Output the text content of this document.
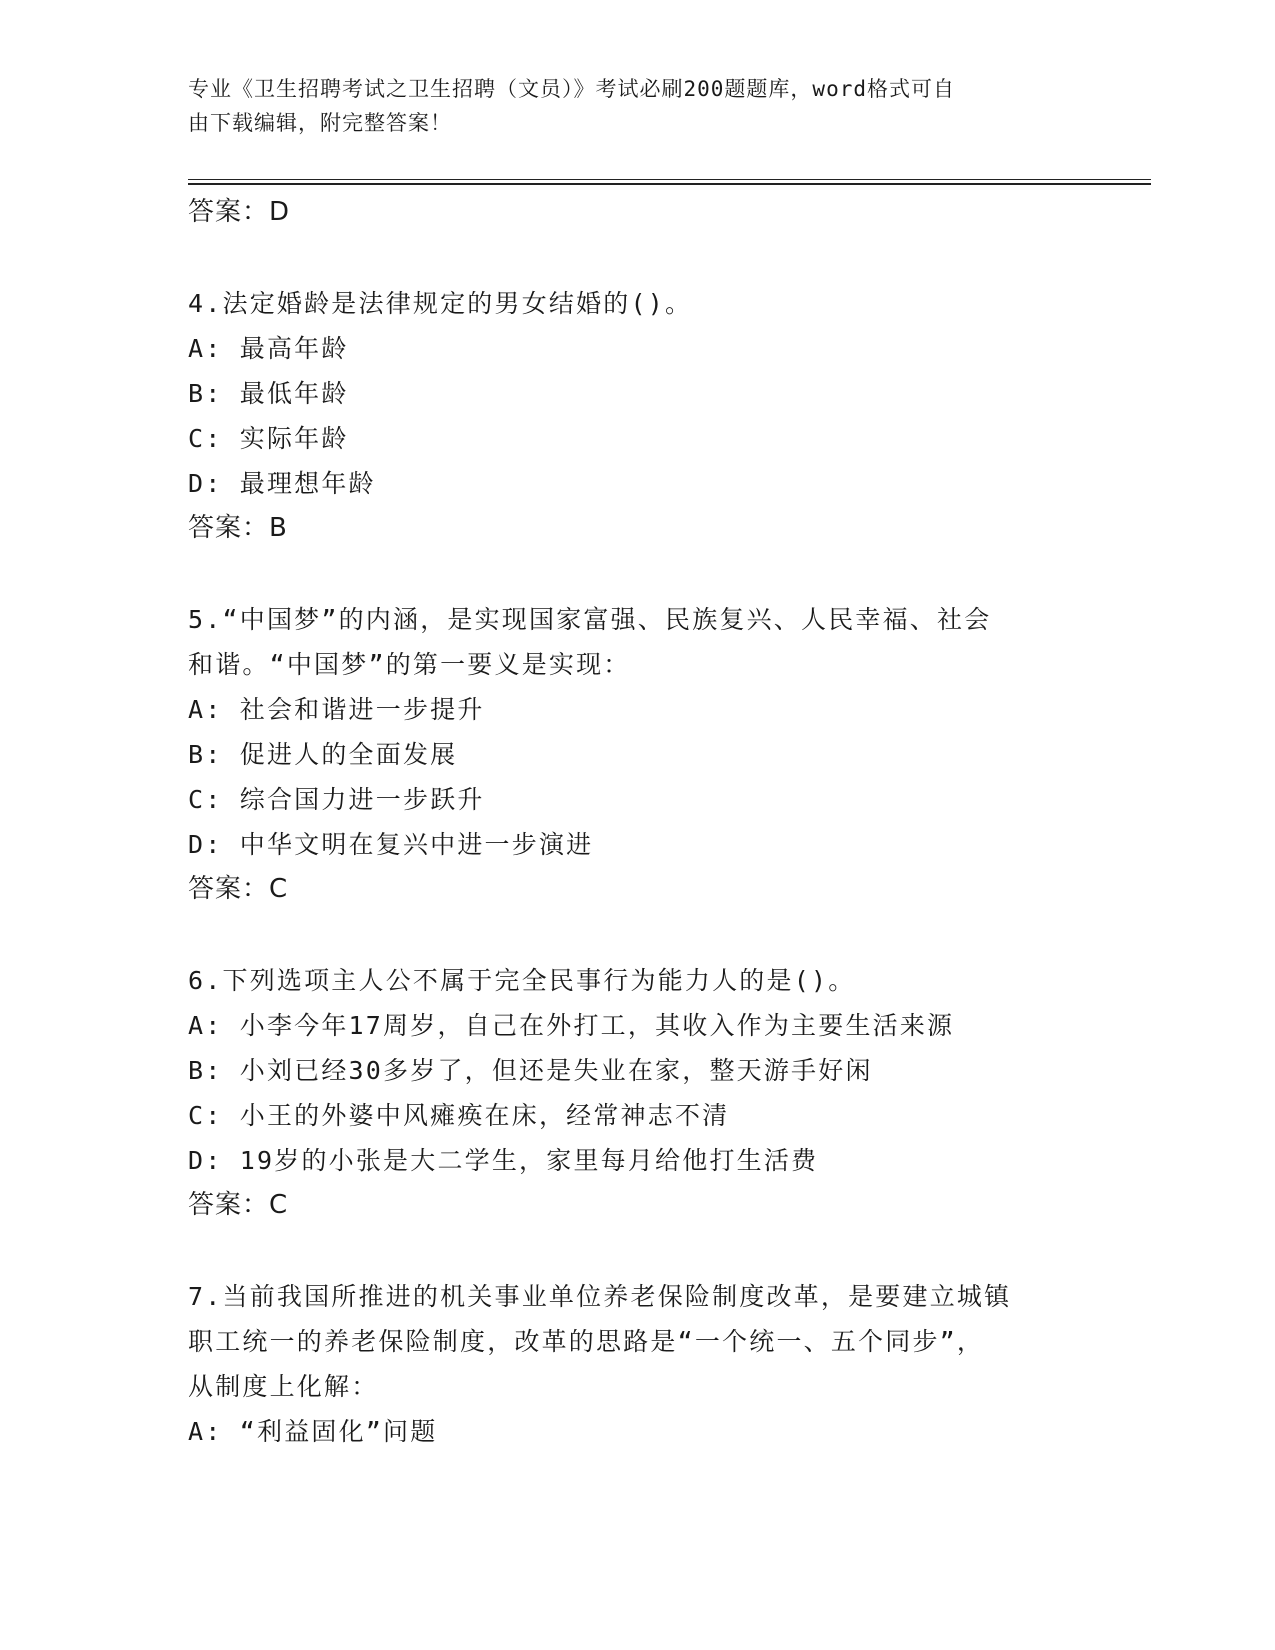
专业《卫生招聘考试之卫生招聘（文员）》考试必刷200题题库，word格式可自
由下载编辑，附完整答案！
答案：D
4.法定婚龄是法律规定的男女结婚的()。
A: 最高年龄
B: 最低年龄
C: 实际年龄
D: 最理想年龄
答案：B
5.“中国梦”的内涵，是实现国家富强、民族复兴、人民幸福、社会
和谐。“中国梦”的第一要义是实现：
A: 社会和谐进一步提升
B: 促进人的全面发展
C: 综合国力进一步跃升
D: 中华文明在复兴中进一步演进
答案：C
6.下列选项主人公不属于完全民事行为能力人的是()。
A: 小李今年17周岁，自己在外打工，其收入作为主要生活来源
B: 小刘已经30多岁了，但还是失业在家，整天游手好闲
C: 小王的外婆中风瘫痪在床，经常神志不清
D: 19岁的小张是大二学生，家里每月给他打生活费
答案：C
7.当前我国所推进的机关事业单位养老保险制度改革，是要建立城镇
职工统一的养老保险制度，改革的思路是“一个统一、五个同步”，
从制度上化解：
A: “利益固化”问题
